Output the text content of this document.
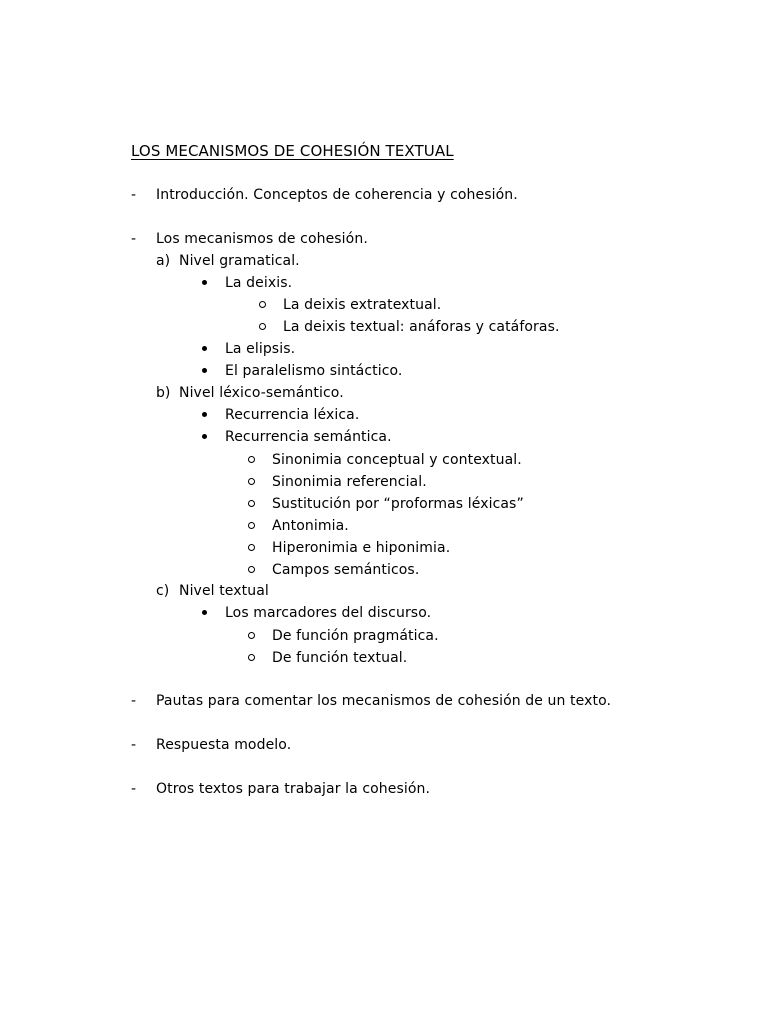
LOS MECANISMOS DE COHESIÓN TEXTUAL
- Introducción. Conceptos de coherencia y cohesión.
- Los mecanismos de cohesión.
a) Nivel gramatical.
La deixis.
La deixis extratextual.
La deixis textual: anáforas y catáforas.
La elipsis.
El paralelismo sintáctico.
b) Nivel léxico-semántico.
Recurrencia léxica.
Recurrencia semántica.
Sinonimia conceptual y contextual.
Sinonimia referencial.
Sustitución por “proformas léxicas”
Antonimia.
Hiperonimia e hiponimia.
Campos semánticos.
c) Nivel textual
Los marcadores del discurso.
De función pragmática.
De función textual.
- Pautas para comentar los mecanismos de cohesión de un texto.
- Respuesta modelo.
- Otros textos para trabajar la cohesión.
